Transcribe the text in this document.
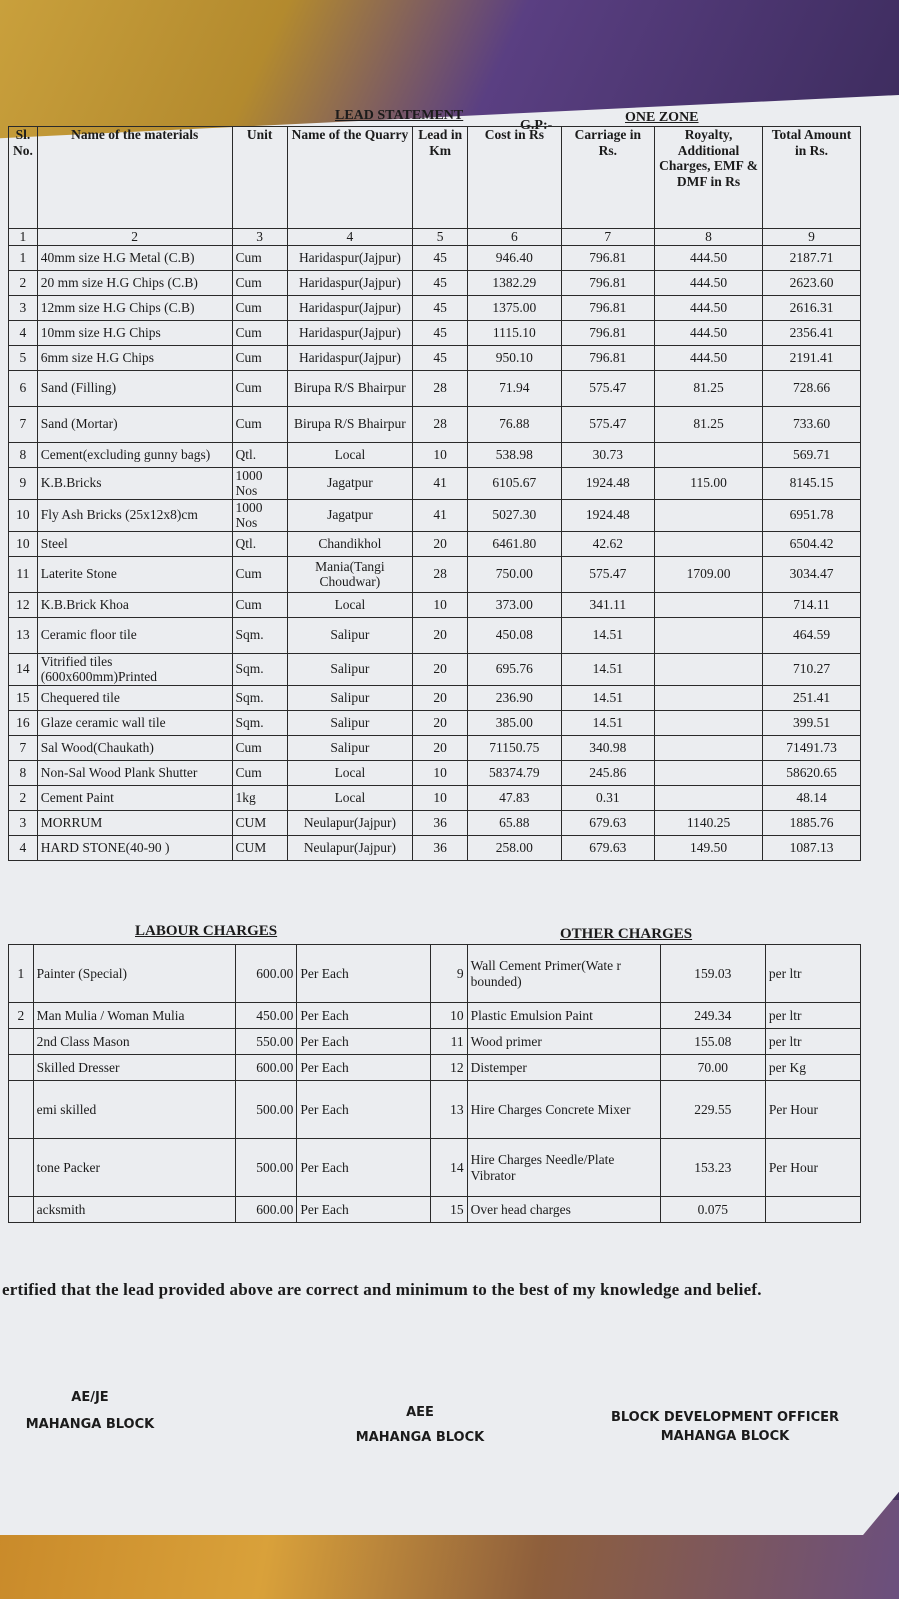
LEAD STATEMENT
G.P:-
ONE ZONE
Sl. No.	Name of the materials	Unit	Name of the Quarry	Lead in Km	Cost in Rs	Carriage in Rs.	Royalty, Additional Charges, EMF & DMF in Rs	Total Amount in Rs.
1	2	3	4	5	6	7	8	9
1	40mm size H.G Metal (C.B)	Cum	Haridaspur(Jajpur)	45	946.40	796.81	444.50	2187.71
2	20 mm size H.G Chips (C.B)	Cum	Haridaspur(Jajpur)	45	1382.29	796.81	444.50	2623.60
3	12mm size H.G Chips (C.B)	Cum	Haridaspur(Jajpur)	45	1375.00	796.81	444.50	2616.31
4	10mm size H.G Chips	Cum	Haridaspur(Jajpur)	45	1115.10	796.81	444.50	2356.41
5	6mm size H.G Chips	Cum	Haridaspur(Jajpur)	45	950.10	796.81	444.50	2191.41
6	Sand (Filling)	Cum	Birupa R/S Bhairpur	28	71.94	575.47	81.25	728.66
7	Sand (Mortar)	Cum	Birupa R/S Bhairpur	28	76.88	575.47	81.25	733.60
8	Cement(excluding gunny bags)	Qtl.	Local	10	538.98	30.73		569.71
9	K.B.Bricks	1000 Nos	Jagatpur	41	6105.67	1924.48	115.00	8145.15
10	Fly Ash Bricks (25x12x8)cm	1000 Nos	Jagatpur	41	5027.30	1924.48		6951.78
10	Steel	Qtl.	Chandikhol	20	6461.80	42.62		6504.42
11	Laterite Stone	Cum	Mania(Tangi Choudwar)	28	750.00	575.47	1709.00	3034.47
12	K.B.Brick Khoa	Cum	Local	10	373.00	341.11		714.11
13	Ceramic floor tile	Sqm.	Salipur	20	450.08	14.51		464.59
14	Vitrified tiles (600x600mm)Printed	Sqm.	Salipur	20	695.76	14.51		710.27
15	Chequered tile	Sqm.	Salipur	20	236.90	14.51		251.41
16	Glaze ceramic wall tile	Sqm.	Salipur	20	385.00	14.51		399.51
7	Sal Wood(Chaukath)	Cum	Salipur	20	71150.75	340.98		71491.73
8	Non-Sal Wood Plank Shutter	Cum	Local	10	58374.79	245.86		58620.65
2	Cement Paint	1kg	Local	10	47.83	0.31		48.14
3	MORRUM	CUM	Neulapur(Jajpur)	36	65.88	679.63	1140.25	1885.76
4	HARD STONE(40-90 )	CUM	Neulapur(Jajpur)	36	258.00	679.63	149.50	1087.13
LABOUR CHARGES	OTHER CHARGES
1	Painter (Special)	600.00	Per Each	9	Wall Cement Primer(Wate r bounded)	159.03	per ltr
2	Man Mulia / Woman Mulia	450.00	Per Each	10	Plastic Emulsion Paint	249.34	per ltr
	2nd Class Mason	550.00	Per Each	11	Wood primer	155.08	per ltr
	Skilled Dresser	600.00	Per Each	12	Distemper	70.00	per Kg
	emi skilled	500.00	Per Each	13	Hire Charges Concrete Mixer	229.55	Per Hour
	tone Packer	500.00	Per Each	14	Hire Charges Needle/Plate Vibrator	153.23	Per Hour
	acksmith	600.00	Per Each	15	Over head charges	0.075	
ertified that the lead provided above are correct and minimum to the best of my knowledge and belief.
AE/JE
MAHANGA BLOCK
AEE
MAHANGA BLOCK
BLOCK DEVELOPMENT OFFICER
MAHANGA BLOCK
